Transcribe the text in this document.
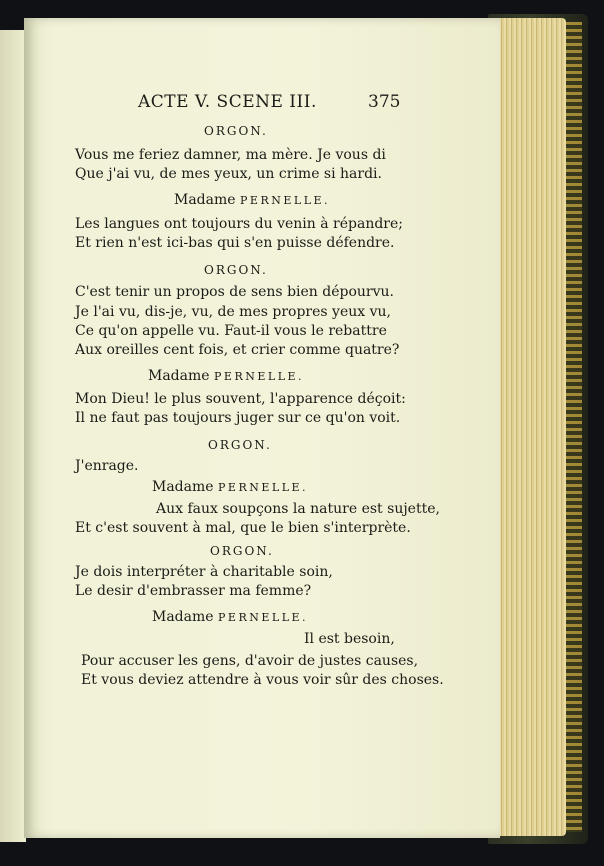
ACTE V. SCENE III.	375
ORGON.
Vous me feriez damner, ma mère. Je vous di
Que j'ai vu, de mes yeux, un crime si hardi.
Madame PERNELLE.
Les langues ont toujours du venin à répandre;
Et rien n'est ici-bas qui s'en puisse défendre.
ORGON.
C'est tenir un propos de sens bien dépourvu.
Je l'ai vu, dis-je, vu, de mes propres yeux vu,
Ce qu'on appelle vu. Faut-il vous le rebattre
Aux oreilles cent fois, et crier comme quatre?
Madame PERNELLE.
Mon Dieu! le plus souvent, l'apparence déçoit:
Il ne faut pas toujours juger sur ce qu'on voit.
ORGON.
J'enrage.
Madame PERNELLE.
Aux faux soupçons la nature est sujette,
Et c'est souvent à mal, que le bien s'interprète.
ORGON.
Je dois interpréter à charitable soin,
Le desir d'embrasser ma femme?
Madame PERNELLE.
Il est besoin,
Pour accuser les gens, d'avoir de justes causes,
Et vous deviez attendre à vous voir sûr des choses.
